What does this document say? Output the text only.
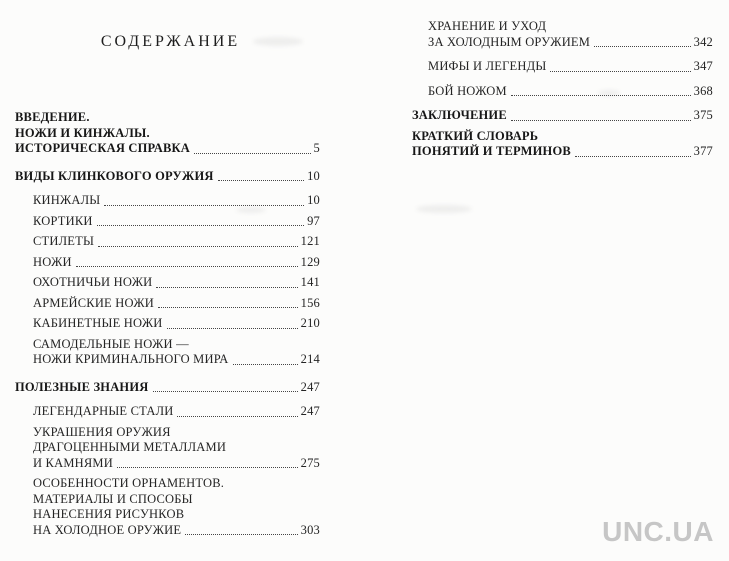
СОДЕРЖАНИЕ
ВВЕДЕНИЕ.
НОЖИ И КИНЖАЛЫ.
ИСТОРИЧЕСКАЯ СПРАВКА	5
ВИДЫ КЛИНКОВОГО ОРУЖИЯ	10
КИНЖАЛЫ	10
КОРТИКИ	97
СТИЛЕТЫ	121
НОЖИ	129
ОХОТНИЧЬИ НОЖИ	141
АРМЕЙСКИЕ НОЖИ	156
КАБИНЕТНЫЕ НОЖИ	210
САМОДЕЛЬНЫЕ НОЖИ —
НОЖИ КРИМИНАЛЬНОГО МИРА	214
ПОЛЕЗНЫЕ ЗНАНИЯ	247
ЛЕГЕНДАРНЫЕ СТАЛИ	247
УКРАШЕНИЯ ОРУЖИЯ
ДРАГОЦЕННЫМИ МЕТАЛЛАМИ
И КАМНЯМИ	275
ОСОБЕННОСТИ ОРНАМЕНТОВ.
МАТЕРИАЛЫ И СПОСОБЫ
НАНЕСЕНИЯ РИСУНКОВ
НА ХОЛОДНОЕ ОРУЖИЕ	303
ХРАНЕНИЕ И УХОД
ЗА ХОЛОДНЫМ ОРУЖИЕМ	342
МИФЫ И ЛЕГЕНДЫ	347
БОЙ НОЖОМ	368
ЗАКЛЮЧЕНИЕ	375
КРАТКИЙ СЛОВАРЬ
ПОНЯТИЙ И ТЕРМИНОВ	377
UNC.UA
